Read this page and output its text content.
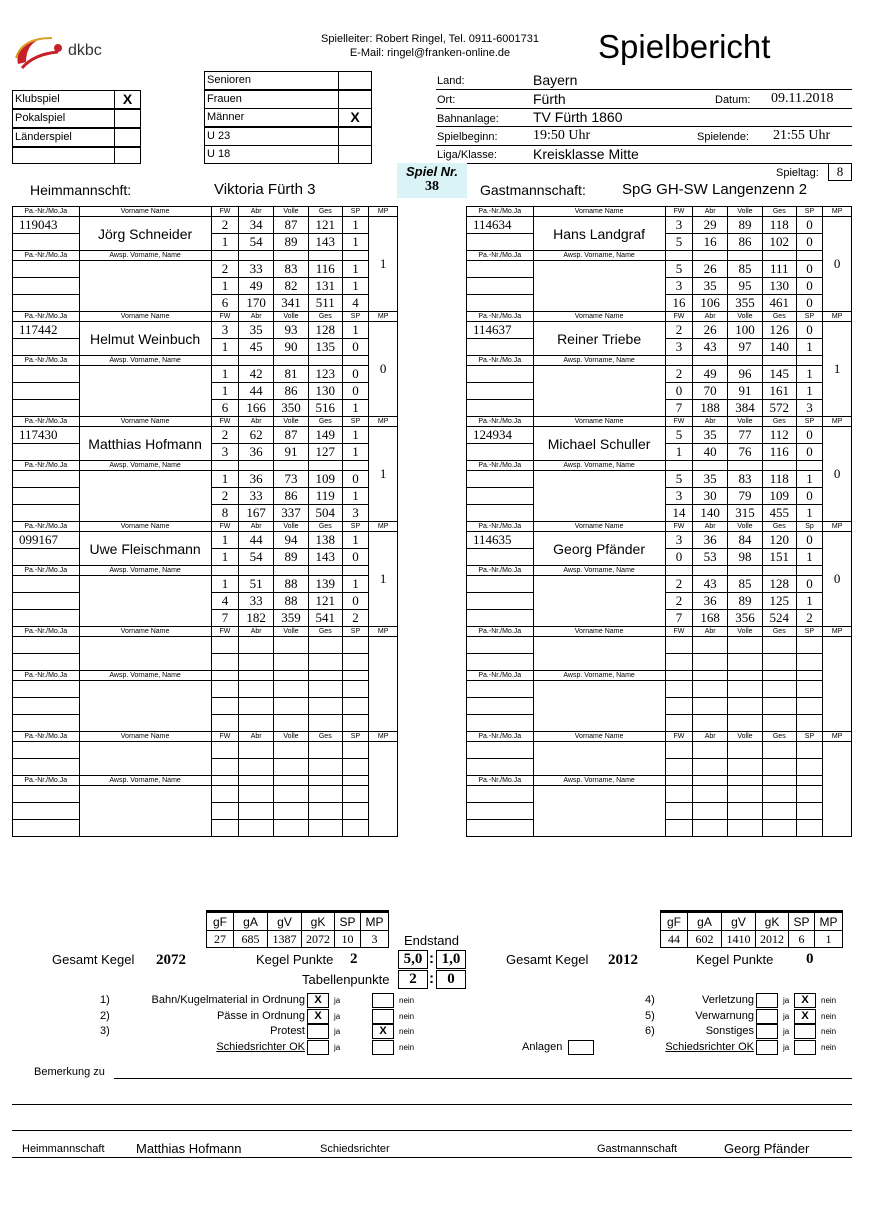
dkbc
Spielleiter: Robert Ringel, Tel. 0911-6001731
E-Mail: ringel@franken-online.de	Spielbericht
Klubspiel	X
Pokalspiel
Länderspiel
Senioren
Frauen
Männer	X
U 23
U 18
Land:	Bayern
Ort:	Fürth	Datum: 09.11.2018
Bahnanlage: TV Fürth 1860
Spielbeginn:	19:50 Uhr	Spielende: 21:55 Uhr
Liga/Klasse:	Kreisklasse Mitte
Spiel Nr.
38
Spieltag:	8
Heimmannschft:	Viktoria Fürth 3	Gastmannschaft: SpG GH-SW Langenzenn 2
Pa.-Nr./Mo.Ja	Vorname Name	FW	Abr	Volle	Ges	SP	MP
119043	Jörg Schneider	2	34	87	121	1	1
		1	54	89	143	1	
Pa.-Nr./Mo.Ja	Awsp. Vorname, Name						
		2	33	83	116	1	
		1	49	82	131	1	
		6	170	341	511	4	
Pa.-Nr./Mo.Ja	Vorname Name	FW	Abr	Volle	Ges	SP	MP
117442	Helmut Weinbuch	3	35	93	128	1	0
		1	45	90	135	0	
Pa.-Nr./Mo.Ja	Awsp. Vorname, Name						
		1	42	81	123	0	
		1	44	86	130	0	
		6	166	350	516	1	
Pa.-Nr./Mo.Ja	Vorname Name	FW	Abr	Volle	Ges	SP	MP
117430	Matthias Hofmann	2	62	87	149	1	1
		3	36	91	127	1	
Pa.-Nr./Mo.Ja	Awsp. Vorname, Name						
		1	36	73	109	0	
		2	33	86	119	1	
		8	167	337	504	3	
Pa.-Nr./Mo.Ja	Vorname Name	FW	Abr	Volle	Ges	SP	MP
099167	Uwe Fleischmann	1	44	94	138	1	1
		1	54	89	143	0	
Pa.-Nr./Mo.Ja	Awsp. Vorname, Name						
		1	51	88	139	1	
		4	33	88	121	0	
		7	182	359	541	2	
Pa.-Nr./Mo.Ja	Vorname Name	FW	Abr	Volle	Ges	SP	MP

Pa.-Nr./Mo.Ja	Awsp. Vorname, Name						

Pa.-Nr./Mo.Ja	Vorname Name	FW	Abr	Volle	Ges	SP	MP

Pa.-Nr./Mo.Ja	Awsp. Vorname, Name						

Pa.-Nr./Mo.Ja	Vorname Name	FW	Abr	Volle	Ges	SP	MP
114634	Hans Landgraf	3	29	89	118	0	0
		5	16	86	102	0	
Pa.-Nr./Mo.Ja	Awsp. Vorname, Name						
		5	26	85	111	0	
		3	35	95	130	0	
		16	106	355	461	0	
Pa.-Nr./Mo.Ja	Vorname Name	FW	Abr	Volle	Ges	SP	MP
114637	Reiner Triebe	2	26	100	126	0	1
		3	43	97	140	1	
Pa.-Nr./Mo.Ja	Awsp. Vorname, Name						
		2	49	96	145	1	
		0	70	91	161	1	
		7	188	384	572	3	
Pa.-Nr./Mo.Ja	Vorname Name	FW	Abr	Volle	Ges	SP	MP
124934	Michael Schuller	5	35	77	112	0	0
		1	40	76	116	0	
Pa.-Nr./Mo.Ja	Awsp. Vorname, Name						
		5	35	83	118	1	
		3	30	79	109	0	
		14	140	315	455	1	
Pa.-Nr./Mo.Ja	Vorname Name	FW	Abr	Volle	Ges	Sp	MP
114635	Georg Pfänder	3	36	84	120	0	0
		0	53	98	151	1	
Pa.-Nr./Mo.Ja	Awsp. Vorname, Name						
		2	43	85	128	0	
		2	36	89	125	1	
		7	168	356	524	2	
Pa.-Nr./Mo.Ja	Vorname Name	FW	Abr	Volle	Ges	SP	MP

Pa.-Nr./Mo.Ja	Awsp. Vorname, Name						

Pa.-Nr./Mo.Ja	Vorname Name	FW	Abr	Volle	Ges	SP	MP

Pa.-Nr./Mo.Ja	Awsp. Vorname, Name						

gF	gA	gV	gK	SP	MP
27	685	1387	2072	10	3
gF	gA	gV	gK	SP	MP
44	602	1410	2012	6	1
Endstand
Gesamt Kegel 2072	Kegel Punkte 2	5,0 : 1,0
Tabellenpunkte	2 : 0
Gesamt Kegel 2012	Kegel Punkte 0
1)	Bahn/Kugelmaterial in Ordnung X	ja	nein
2)	Pässe in Ordnung X	ja	nein
3)	Protest	ja	X	nein
Schiedsrichter OK	ja	nein
4)	Verletzung	ja	X	nein
5)	Verwarnung	ja	X	nein
6)	Sonstiges	ja	nein
Schiedsrichter OK	ja	nein
Anlagen
Bemerkung zu
Heimmannschaft Matthias Hofmann	Schiedsrichter	Gastmannschaft	Georg Pfänder
